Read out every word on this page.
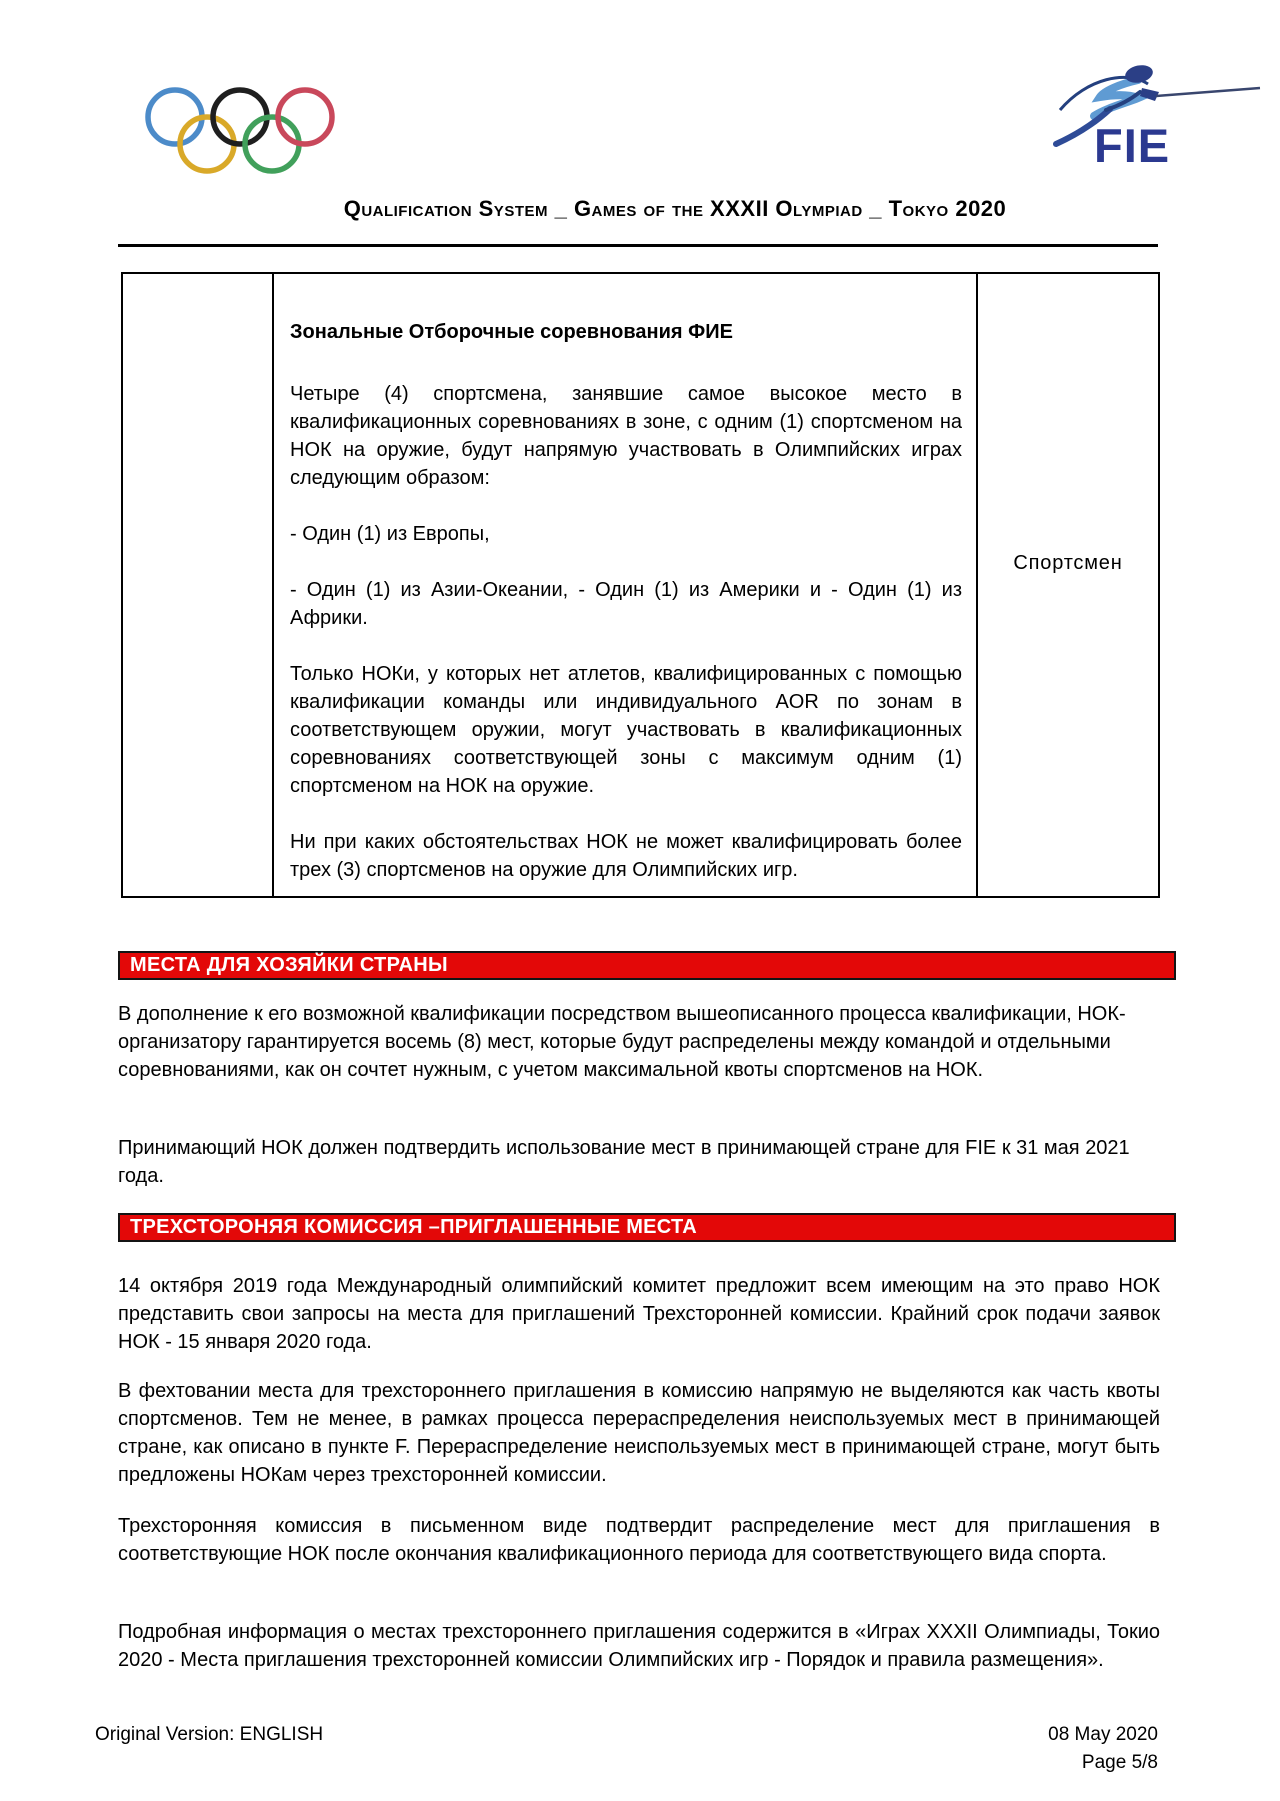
FIE
Qualification System _ Games of the XXXII Olympiad _ Tokyo 2020

Зональные Отборочные соревнования ФИЕ

Четыре (4) спортсмена, занявшие самое высокое место в квалификационных соревнованиях в зоне, с одним (1) спортсменом на НОК на оружие, будут напрямую участвовать в Олимпийских играх следующим образом:

- Один (1) из Европы,

- Один (1) из Азии-Океании, - Один (1) из Америки и - Один (1) из Африки.

Только НОКи, у которых нет атлетов, квалифицированных с помощью квалификации команды или индивидуального AOR по зонам в соответствующем оружии, могут участвовать в квалификационных соревнованиях соответствующей зоны с максимум одним (1) спортсменом на НОК на оружие.

Ни при каких обстоятельствах НОК не может квалифицировать более трех (3) спортсменов на оружие для Олимпийских игр.

	Спортсмен
МЕСТА ДЛЯ ХОЗЯЙКИ СТРАНЫ

В дополнение к его возможной квалификации посредством вышеописанного процесса квалификации, НОК-организатору гарантируется восемь (8) мест, которые будут распределены между командой и отдельными соревнованиями, как он сочтет нужным, с учетом максимальной квоты спортсменов на НОК.

Принимающий НОК должен подтвердить использование мест в принимающей стране для FIE к 31 мая 2021 года.

ТРЕХСТОРОНЯЯ КОМИССИЯ –ПРИГЛАШЕННЫЕ МЕСТА

14 октября 2019 года Международный олимпийский комитет предложит всем имеющим на это право НОК представить свои запросы на места для приглашений Трехсторонней комиссии. Крайний срок подачи заявок НОК - 15 января 2020 года.

В фехтовании места для трехстороннего приглашения в комиссию напрямую не выделяются как часть квоты спортсменов. Тем не менее, в рамках процесса перераспределения неиспользуемых мест в принимающей стране, как описано в пункте F. Перераспределение неиспользуемых мест в принимающей стране, могут быть предложены НОКам через трехсторонней комиссии.

Трехсторонняя комиссия в письменном виде подтвердит распределение мест для приглашения в соответствующие НОК после окончания квалификационного периода для соответствующего вида спорта.

Подробная информация о местах трехстороннего приглашения содержится в «Играх XXXII Олимпиады, Токио 2020 - Места приглашения трехсторонней комиссии Олимпийских игр - Порядок и правила размещения».

Original Version: ENGLISH	08 May 2020
Page 5/8
